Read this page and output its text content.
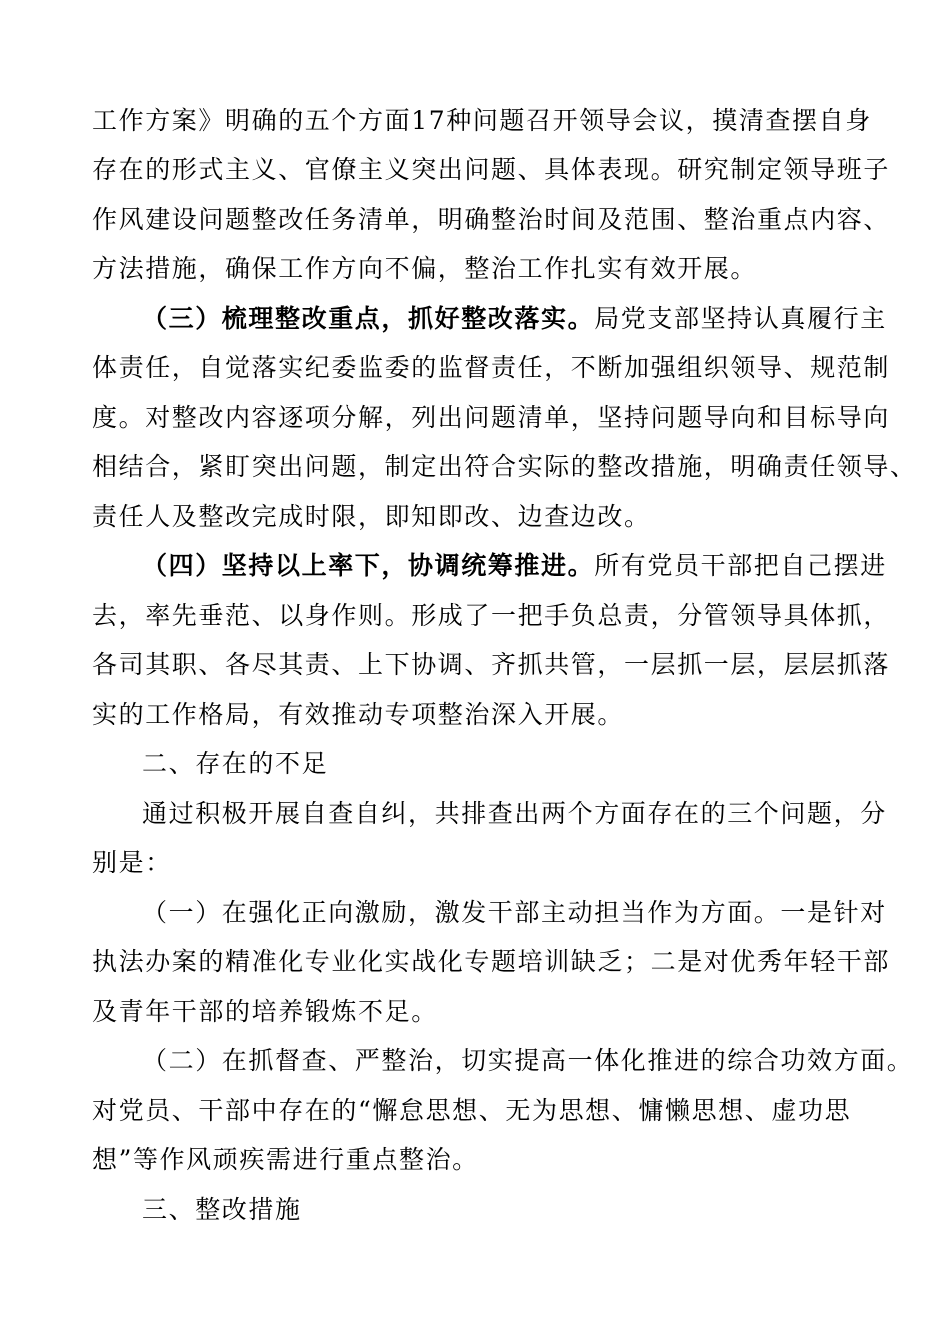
工作方案》明确的五个方面17种问题召开领导会议，摸清查摆自身
存在的形式主义、官僚主义突出问题、具体表现。研究制定领导班子
作风建设问题整改任务清单，明确整治时间及范围、整治重点内容、
方法措施，确保工作方向不偏，整治工作扎实有效开展。
（三）梳理整改重点，抓好整改落实。局党支部坚持认真履行主
体责任，自觉落实纪委监委的监督责任，不断加强组织领导、规范制
度。对整改内容逐项分解，列出问题清单，坚持问题导向和目标导向
相结合，紧盯突出问题，制定出符合实际的整改措施，明确责任领导、
责任人及整改完成时限，即知即改、边查边改。
（四）坚持以上率下，协调统筹推进。所有党员干部把自己摆进
去，率先垂范、以身作则。形成了一把手负总责，分管领导具体抓，
各司其职、各尽其责、上下协调、齐抓共管，一层抓一层，层层抓落
实的工作格局，有效推动专项整治深入开展。
二、存在的不足
通过积极开展自查自纠，共排查出两个方面存在的三个问题，分
别是：
（一）在强化正向激励，激发干部主动担当作为方面。一是针对
执法办案的精准化专业化实战化专题培训缺乏；二是对优秀年轻干部
及青年干部的培养锻炼不足。
（二）在抓督查、严整治，切实提高一体化推进的综合功效方面。
对党员、干部中存在的“懈怠思想、无为思想、慵懒思想、虚功思
想”等作风顽疾需进行重点整治。
三、整改措施
